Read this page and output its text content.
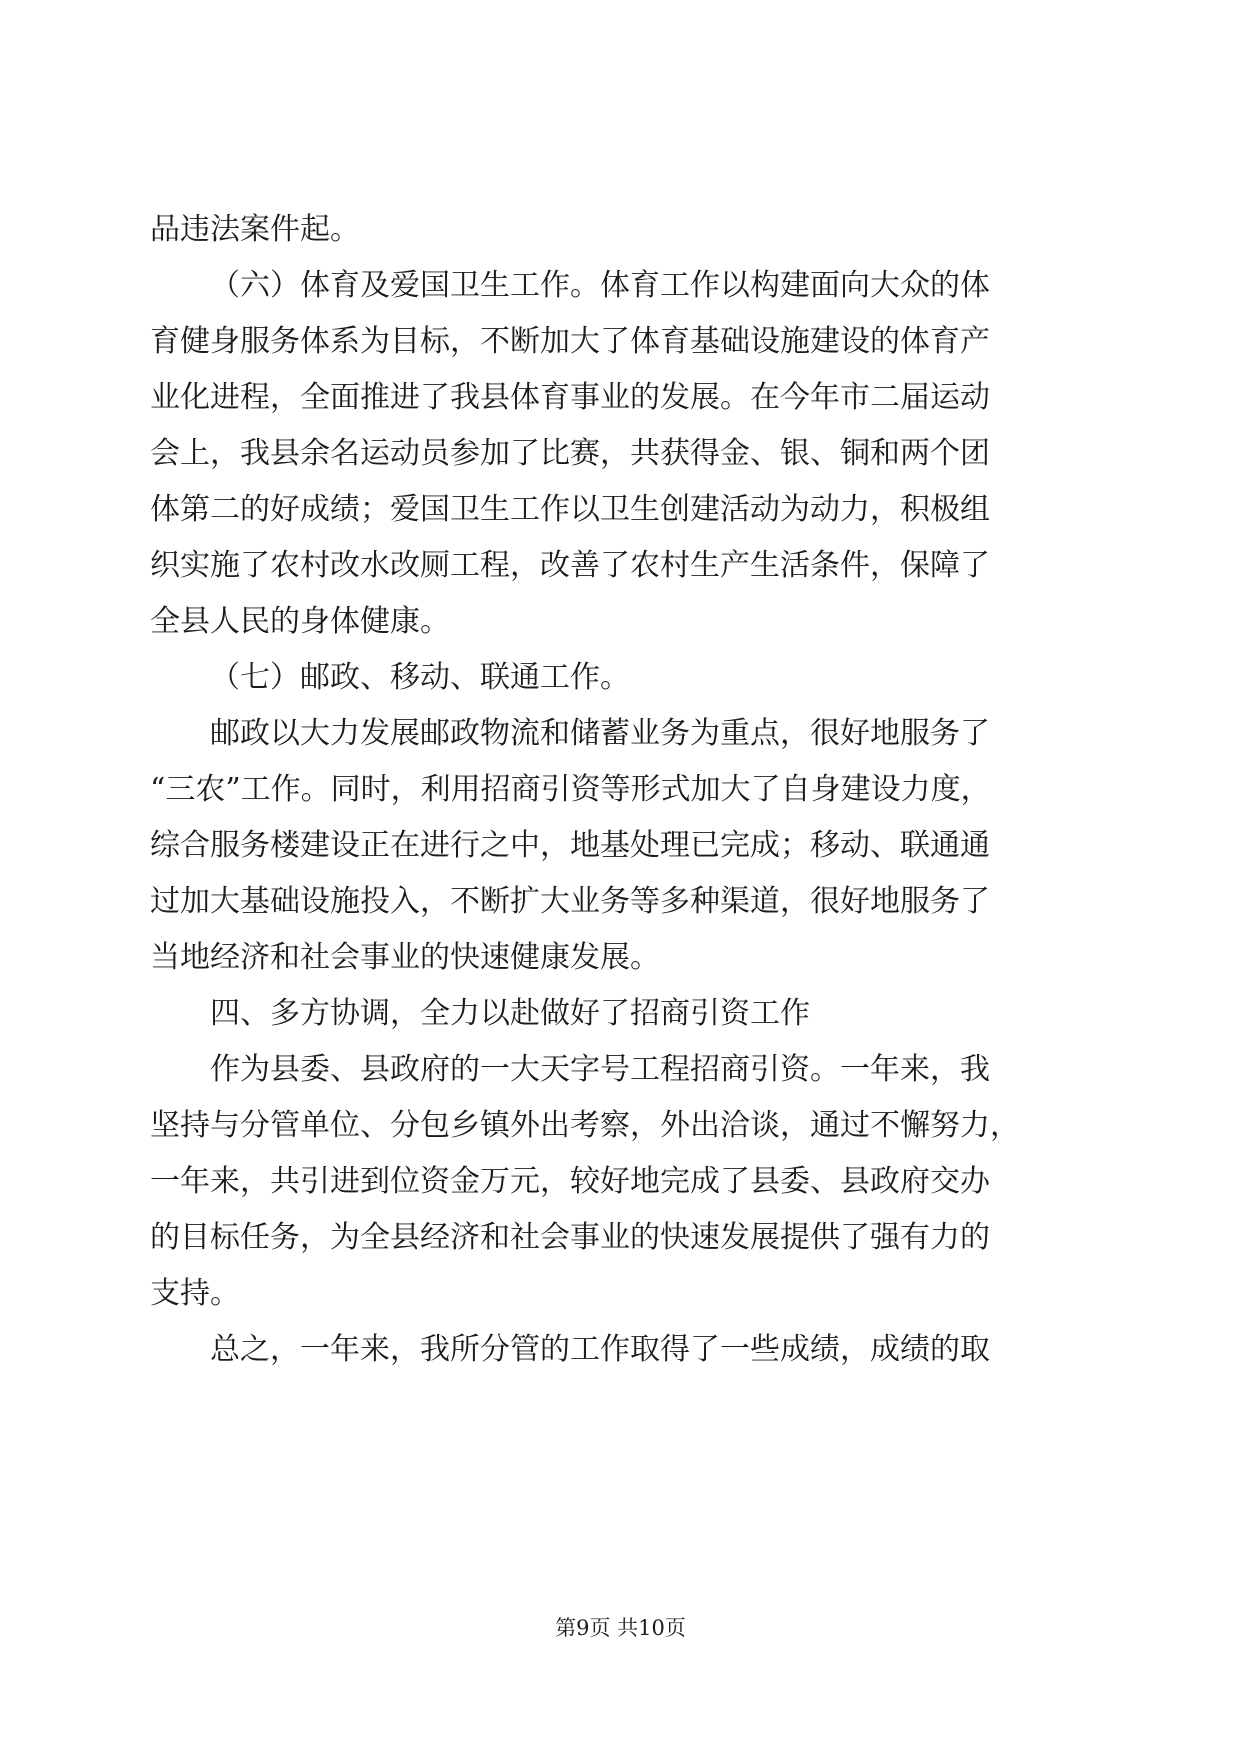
品违法案件起。
（六）体育及爱国卫生工作。体育工作以构建面向大众的体
育健身服务体系为目标，不断加大了体育基础设施建设的体育产
业化进程，全面推进了我县体育事业的发展。在今年市二届运动
会上，我县余名运动员参加了比赛，共获得金、银、铜和两个团
体第二的好成绩；爱国卫生工作以卫生创建活动为动力，积极组
织实施了农村改水改厕工程，改善了农村生产生活条件，保障了
全县人民的身体健康。
（七）邮政、移动、联通工作。
邮政以大力发展邮政物流和储蓄业务为重点，很好地服务了
“三农”工作。同时，利用招商引资等形式加大了自身建设力度，
综合服务楼建设正在进行之中，地基处理已完成；移动、联通通
过加大基础设施投入，不断扩大业务等多种渠道，很好地服务了
当地经济和社会事业的快速健康发展。
四、多方协调，全力以赴做好了招商引资工作
作为县委、县政府的一大天字号工程招商引资。一年来，我
坚持与分管单位、分包乡镇外出考察，外出洽谈，通过不懈努力，
一年来，共引进到位资金万元，较好地完成了县委、县政府交办
的目标任务，为全县经济和社会事业的快速发展提供了强有力的
支持。
总之，一年来，我所分管的工作取得了一些成绩，成绩的取
第9页 共10页
